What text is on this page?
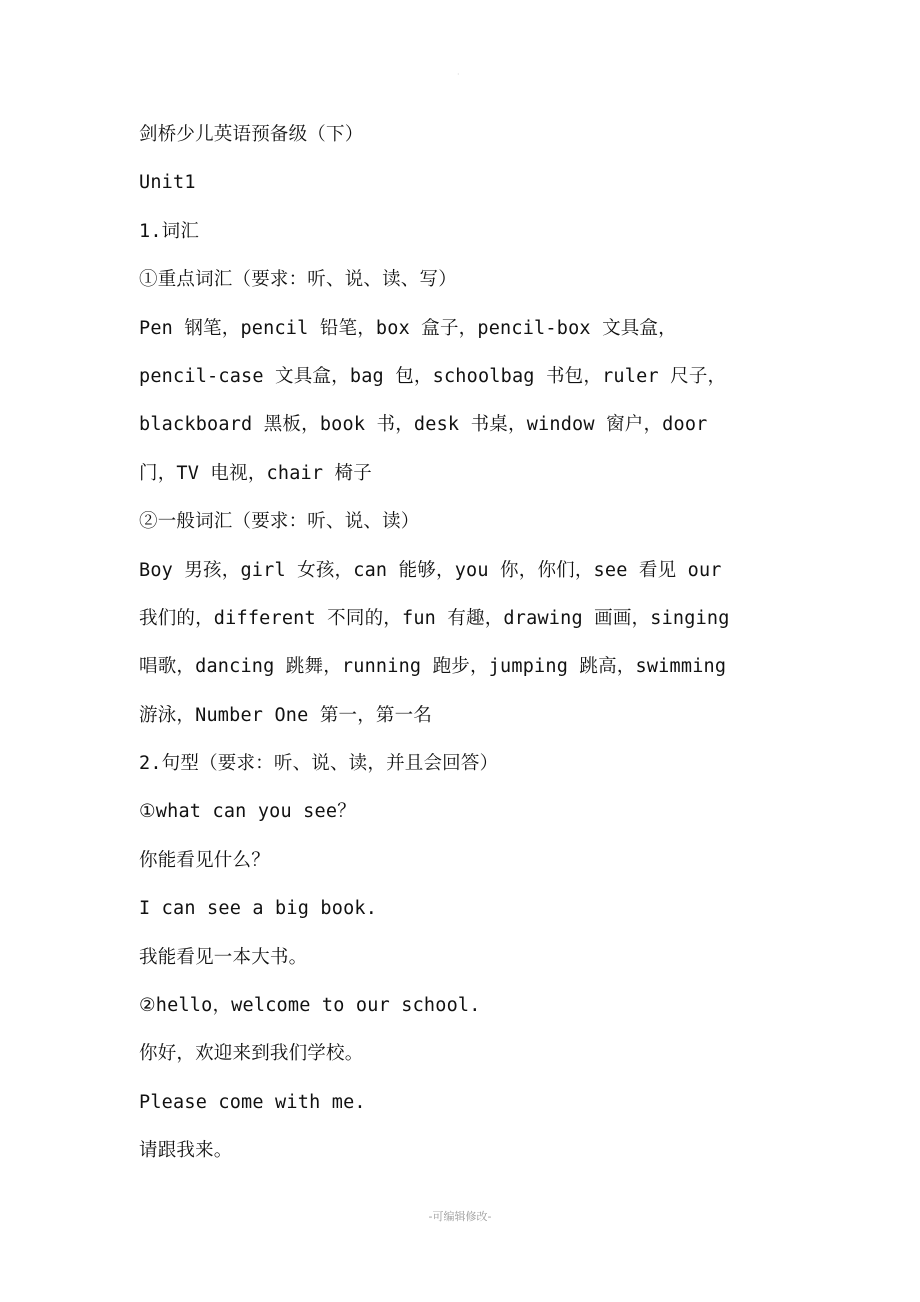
·
剑桥少儿英语预备级（下）
Unit1
1.词汇
①重点词汇（要求：听、说、读、写）
Pen 钢笔，pencil 铅笔，box 盒子，pencil-box 文具盒，
pencil-case 文具盒，bag 包，schoolbag 书包，ruler 尺子，
blackboard 黑板，book 书，desk 书桌，window 窗户，door
门，TV 电视，chair 椅子
②一般词汇（要求：听、说、读）
Boy 男孩，girl 女孩，can 能够，you 你，你们，see 看见 our
我们的，different 不同的，fun 有趣，drawing 画画，singing
唱歌，dancing 跳舞，running 跑步，jumping 跳高，swimming
游泳，Number One 第一，第一名
2.句型（要求：听、说、读，并且会回答）
①what can you see？
你能看见什么？
I can see a big book.
我能看见一本大书。
②hello，welcome to our school.
你好，欢迎来到我们学校。
Please come with me.
请跟我来。
-可编辑修改-
